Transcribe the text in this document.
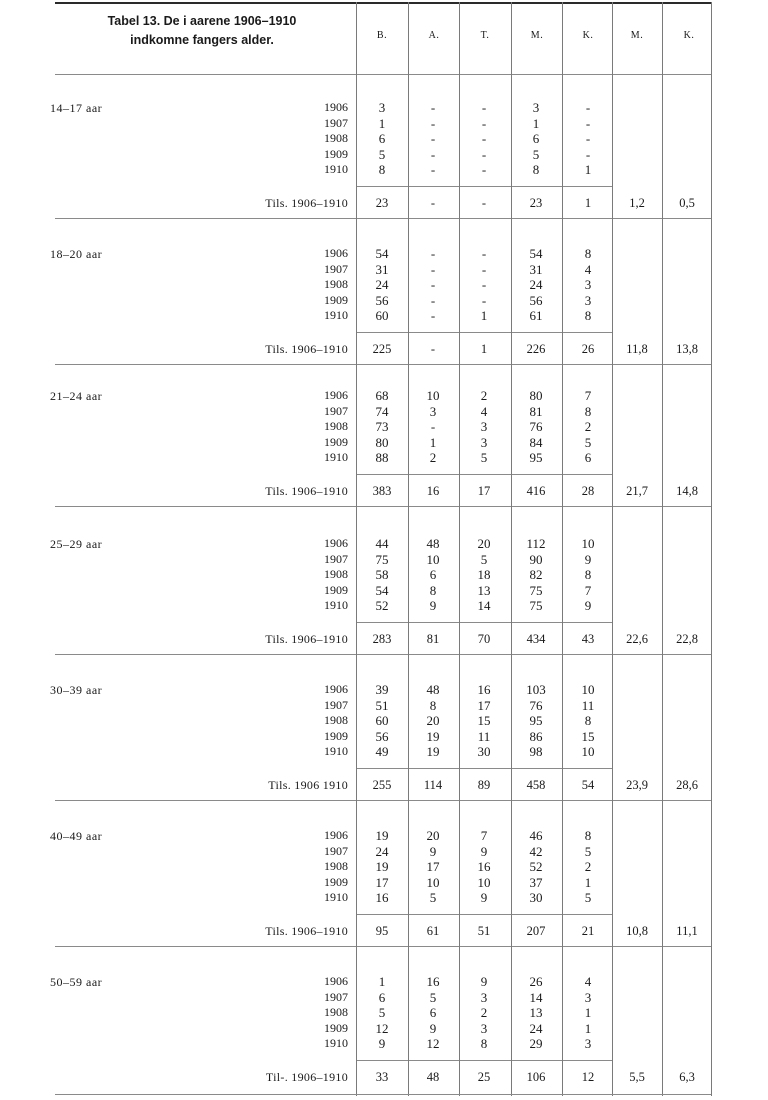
Tabel 13. De i aarene 1906–1910
indkomne fangers alder.	B.	A.	T.	M.	K.	M.	K.
14–17 aar	1906	3	-	-	3	-
1907	1	-	-	1	-
1908	6	-	-	6	-
1909	5	-	-	5	-
1910	8	-	-	8	1
Tils. 1906–1910	23	-	-	23	1	1,2	0,5
18–20 aar	1906	54	-	-	54	8
1907	31	-	-	31	4
1908	24	-	-	24	3
1909	56	-	-	56	3
1910	60	-	1	61	8
Tils. 1906–1910	225	-	1	226	26	11,8	13,8
21–24 aar	1906	68	10	2	80	7
1907	74	3	4	81	8
1908	73	-	3	76	2
1909	80	1	3	84	5
1910	88	2	5	95	6
Tils. 1906–1910	383	16	17	416	28	21,7	14,8
25–29 aar	1906	44	48	20	112	10
1907	75	10	5	90	9
1908	58	6	18	82	8
1909	54	8	13	75	7
1910	52	9	14	75	9
Tils. 1906–1910	283	81	70	434	43	22,6	22,8
30–39 aar	1906	39	48	16	103	10
1907	51	8	17	76	11
1908	60	20	15	95	8
1909	56	19	11	86	15
1910	49	19	30	98	10
Tils. 1906 1910	255	114	89	458	54	23,9	28,6
40–49 aar	1906	19	20	7	46	8
1907	24	9	9	42	5
1908	19	17	16	52	2
1909	17	10	10	37	1
1910	16	5	9	30	5
Tils. 1906–1910	95	61	51	207	21	10,8	11,1
50–59 aar	1906	1	16	9	26	4
1907	6	5	3	14	3
1908	5	6	2	13	1
1909	12	9	3	24	1
1910	9	12	8	29	3
Til-. 1906–1910	33	48	25	106	12	5,5	6,3
